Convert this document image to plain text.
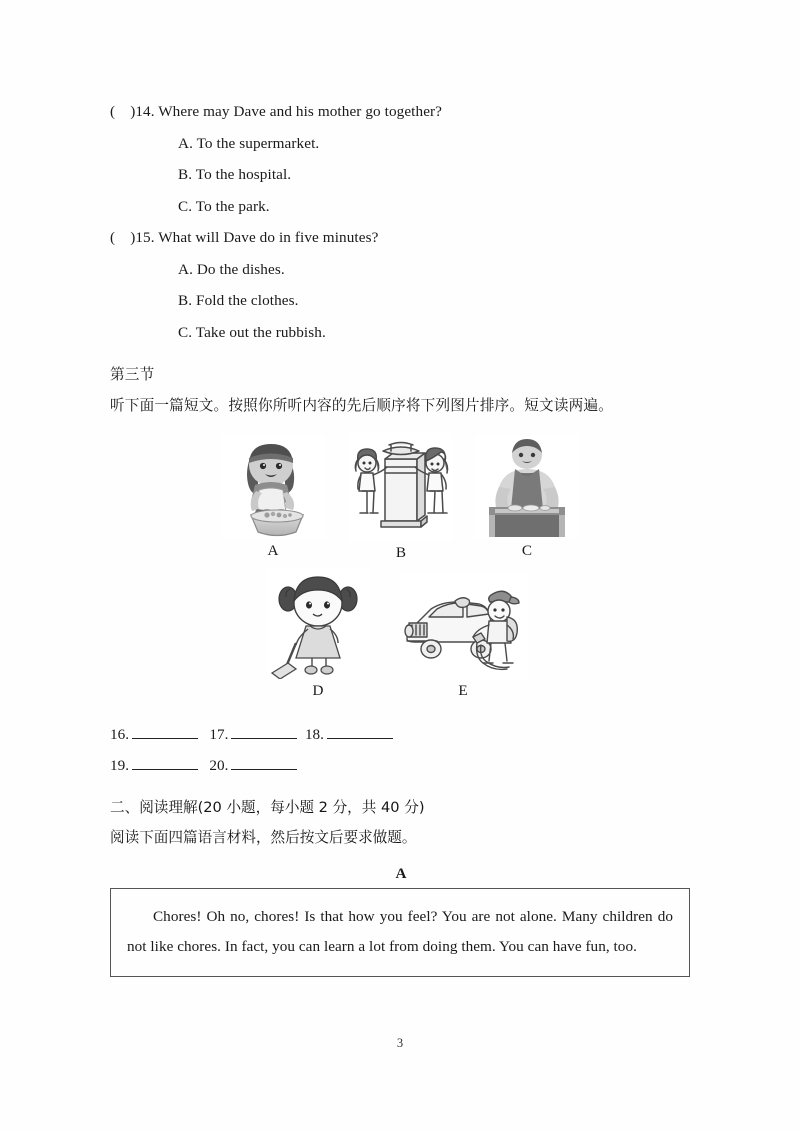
(    )14. Where may Dave and his mother go together?
A. To the supermarket.
B. To the hospital.
C. To the park.
(    )15. What will Dave do in five minutes?
A. Do the dishes.
B. Fold the clothes.
C. Take out the rubbish.
第三节
听下面一篇短文。按照你所听内容的先后顺序将下列图片排序。短文读两遍。
A	B	C
D	E
16.	17.	18.
19.	20.
二、阅读理解(20 小题，每小题 2 分，共 40 分)
阅读下面四篇语言材料，然后按文后要求做题。
A
Chores! Oh no, chores! Is that how you feel? You are not alone. Many children do not like chores. In fact, you can learn a lot from doing them. You can have fun, too.
3
